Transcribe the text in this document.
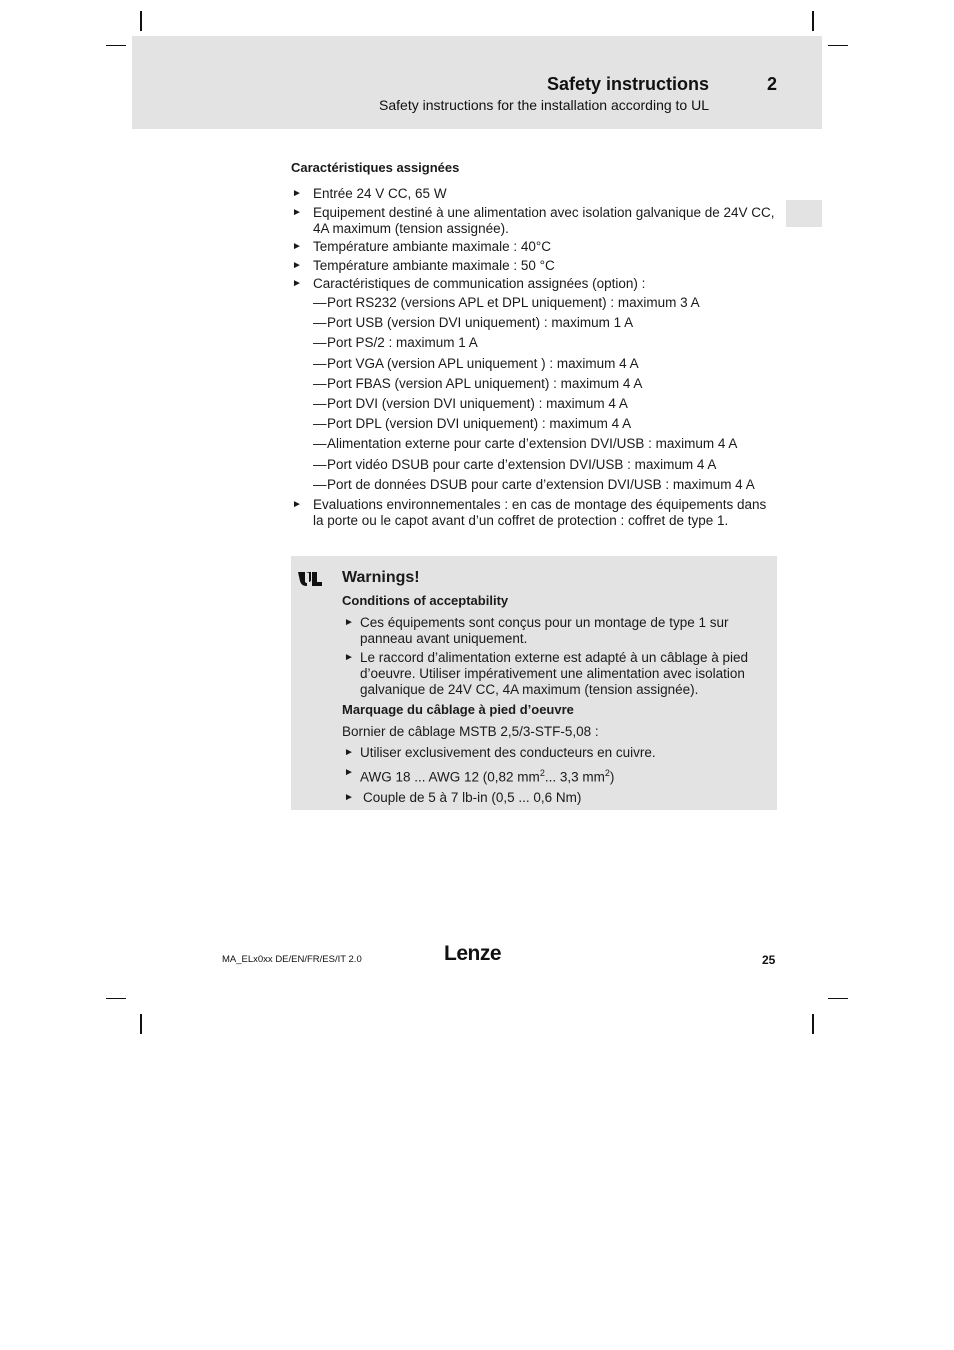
Safety instructions	2
Safety instructions for the installation according to UL
Caractéristiques assignées
► Entrée 24 V CC, 65 W
► Equipement destiné à une alimentation avec isolation galvanique de 24V CC, 4A maximum (tension assignée).
► Température ambiante maximale : 40°C
► Température ambiante maximale : 50 °C
► Caractéristiques de communication assignées (option) :
— Port RS232 (versions APL et DPL uniquement) : maximum 3 A
— Port USB (version DVI uniquement) : maximum 1 A
— Port PS/2 : maximum 1 A
— Port VGA (version APL uniquement ) : maximum 4 A
— Port FBAS (version APL uniquement) : maximum 4 A
— Port DVI (version DVI uniquement) : maximum 4 A
— Port DPL (version DVI uniquement) : maximum 4 A
— Alimentation externe pour carte d’extension DVI/USB : maximum 4 A
— Port vidéo DSUB pour carte d’extension DVI/USB : maximum 4 A
— Port de données DSUB pour carte d’extension DVI/USB : maximum 4 A
► Evaluations environnementales : en cas de montage des équipements dans la porte ou le capot avant d’un coffret de protection : coffret de type 1.
Warnings!
Conditions of acceptability
► Ces équipements sont conçus pour un montage de type 1 sur panneau avant uniquement.
► Le raccord d’alimentation externe est adapté à un câblage à pied d’oeuvre. Utiliser impérativement une alimentation avec isolation galvanique de 24V CC, 4A maximum (tension assignée).
Marquage du câblage à pied d’oeuvre
Bornier de câblage MSTB 2,5/3-STF-5,08 :
► Utiliser exclusivement des conducteurs en cuivre.
► AWG 18 ... AWG 12 (0,82 $mm^2$... 3,3 $mm^2$)
► Couple de 5 à 7 lb-in (0,5 ... 0,6 Nm)
MA_ELx0xx DE/EN/FR/ES/IT 2.0	Lenze	25
